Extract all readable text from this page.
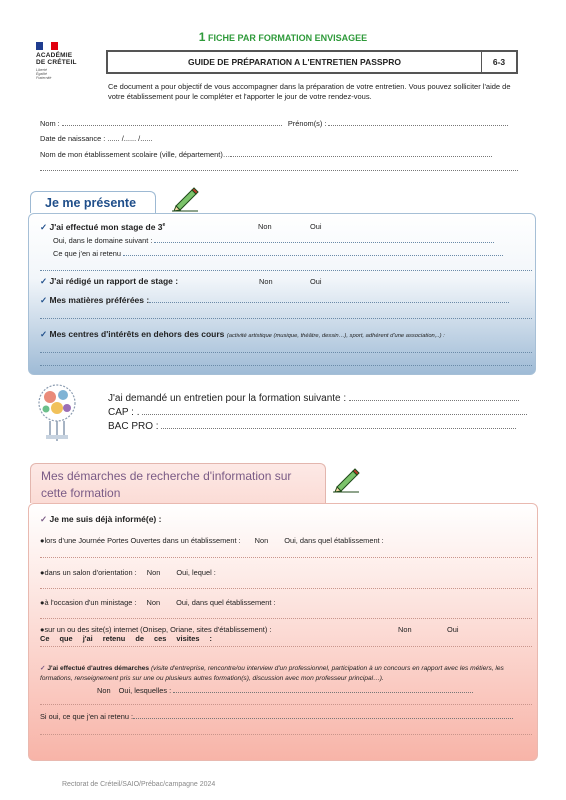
1 FICHE PAR FORMATION ENVISAGEE
ACADÉMIE
DE CRÉTEIL
Liberté
Égalité
Fraternité
GUIDE DE PRÉPARATION A L'ENTRETIEN PASSPRO	6-3
Ce document a pour objectif de vous accompagner dans la préparation de votre entretien. Vous pouvez solliciter l'aide de votre établissement pour le compléter et l'apporter le jour de votre rendez-vous.
Nom :	Prénom(s) :
Date de naissance : ...... /...... /......
Nom de mon établissement scolaire (ville, département)…
Je me présente
✓ J'ai effectué mon stage de 3e	Non	Oui
Oui, dans le domaine suivant :
Ce que j'en ai retenu
✓ J'ai rédigé un rapport de stage :	Non	Oui
✓ Mes matières préférées :
✓ Mes centres d'intérêts en dehors des cours (activité artistique (musique, théâtre, dessin…), sport, adhérent d'une association,..) :
J'ai demandé un entretien pour la formation suivante :
CAP : .
BAC PRO :
Mes démarches de recherche d'information sur cette formation
✓ Je me suis déjà informé(e) :
●lors d'une Journée Portes Ouvertes dans un établissement : Non Oui, dans quel établissement :
●dans un salon d'orientation : Non Oui, lequel :
●à l'occasion d'un ministage : Non Oui, dans quel établissement :
●sur un ou des site(s) internet (Onisep, Oriane, sites d'établissement) :	Non	Oui
Ce que j'ai retenu de ces visites :
✓ J'ai effectué d'autres démarches (visite d'entreprise, rencontre/ou interview d'un professionnel, participation à un concours en rapport avec les métiers, les formations, renseignement pris sur une ou plusieurs autres formation(s), discussion avec mon professeur principal…).
Non Oui, lesquelles :
Si oui, ce que j'en ai retenu :
Rectorat de Créteil/SAIO/Prébac/campagne 2024
